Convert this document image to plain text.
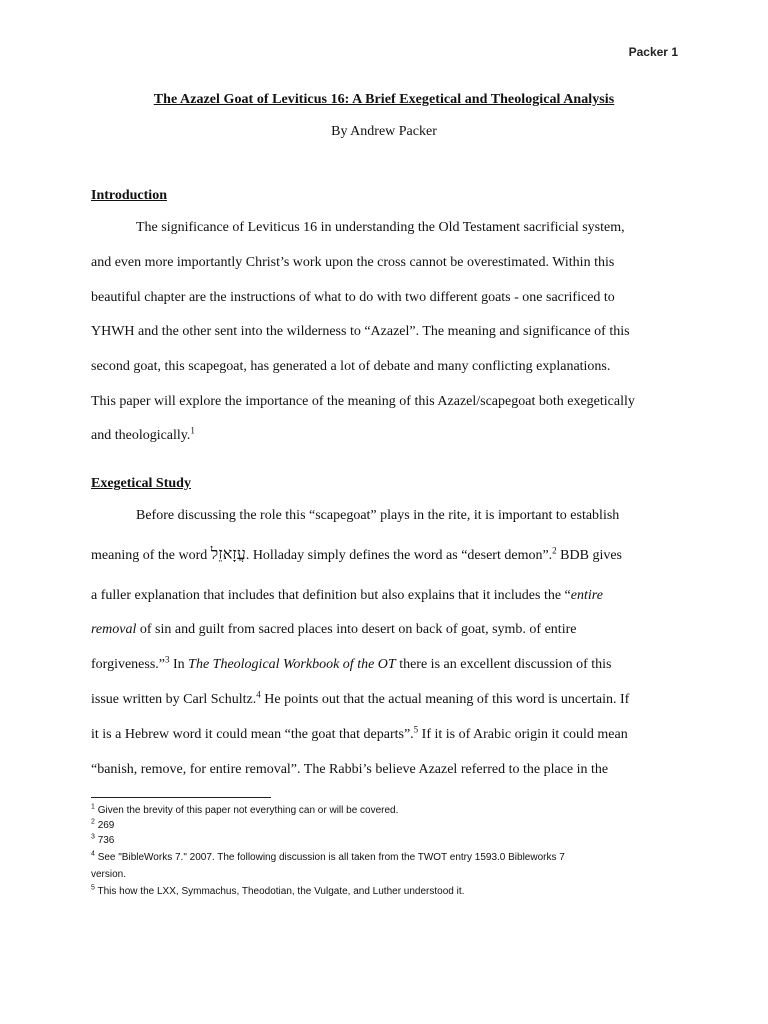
Packer 1
The Azazel Goat of Leviticus 16: A Brief Exegetical and Theological Analysis
By Andrew Packer
Introduction
The significance of Leviticus 16 in understanding the Old Testament sacrificial system,
and even more importantly Christ’s work upon the cross cannot be overestimated. Within this
beautiful chapter are the instructions of what to do with two different goats - one sacrificed to
YHWH and the other sent into the wilderness to “Azazel”. The meaning and significance of this
second goat, this scapegoat, has generated a lot of debate and many conflicting explanations.
This paper will explore the importance of the meaning of this Azazel/scapegoat both exegetically
and theologically.$^1$
Exegetical Study
Before discussing the role this “scapegoat” plays in the rite, it is important to establish
meaning of the word עֲזָאזֵל. Holladay simply defines the word as “desert demon”.$^2$ BDB gives
a fuller explanation that includes that definition but also explains that it includes the “entire
removal of sin and guilt from sacred places into desert on back of goat, symb. of entire
forgiveness.”$^3$ In The Theological Workbook of the OT there is an excellent discussion of this
issue written by Carl Schultz.$^4$ He points out that the actual meaning of this word is uncertain. If
it is a Hebrew word it could mean “the goat that departs”.$^5$ If it is of Arabic origin it could mean
“banish, remove, for entire removal”. The Rabbi’s believe Azazel referred to the place in the
$^1$ Given the brevity of this paper not everything can or will be covered.
$^2$ 269
$^3$ 736
$^4$ See "BibleWorks 7." 2007. The following discussion is all taken from the TWOT entry 1593.0 Bibleworks 7
version.
$^5$ This how the LXX, Symmachus, Theodotian, the Vulgate, and Luther understood it.
